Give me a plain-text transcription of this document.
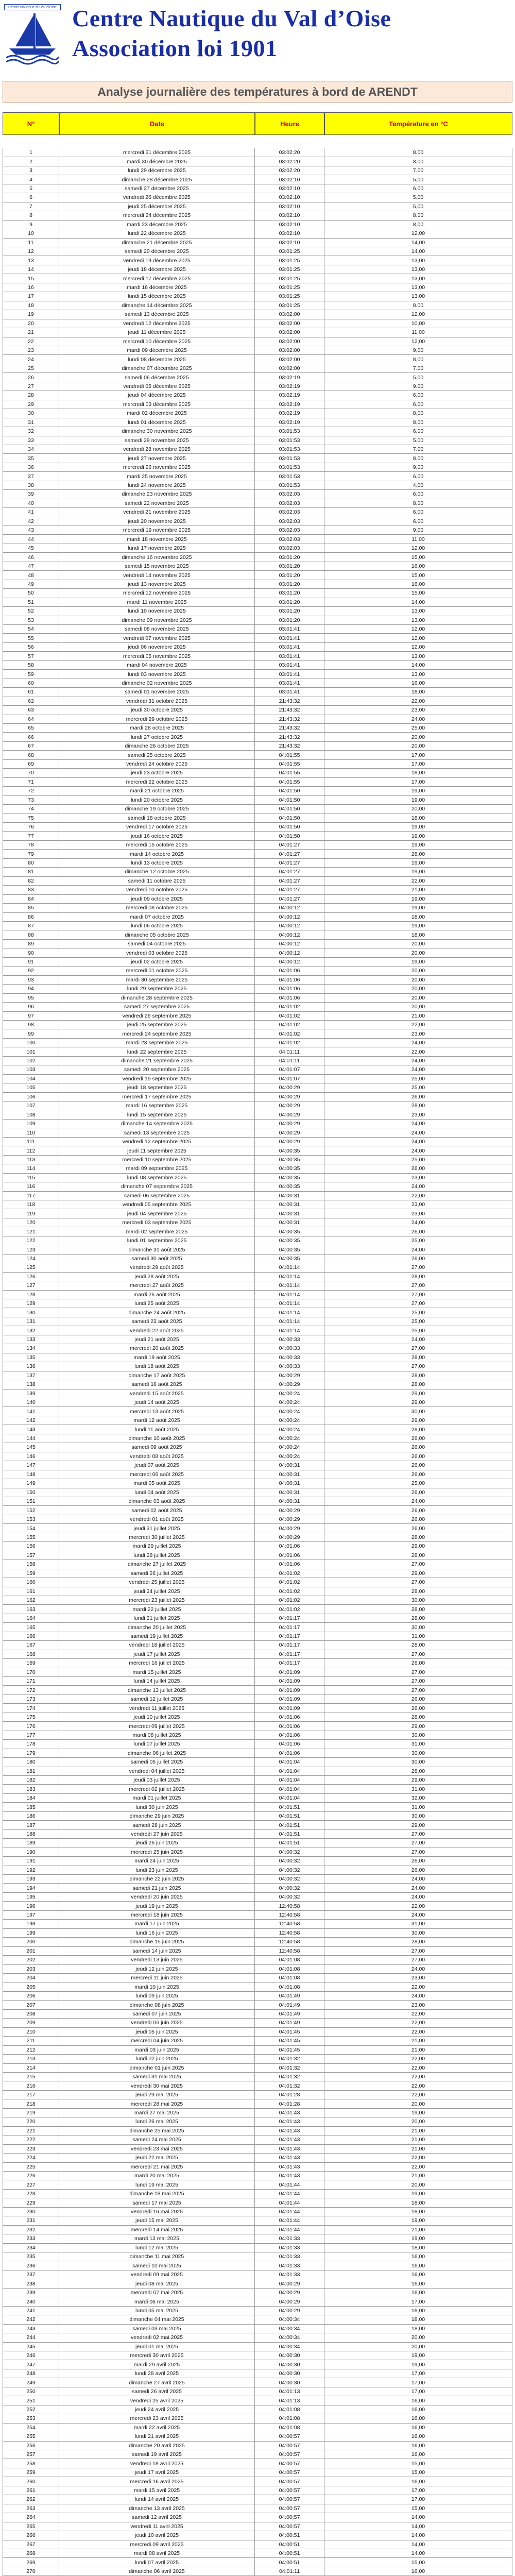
Centre Nautique du Val d'Oise Centre Nautique du Val d’Oise
Association loi 1901
Analyse journalière des températures à bord de ARENDT
N°	Date	Heure	Température en °C
1	mercredi 31 décembre 2025	03:02:20	8,00
2	mardi 30 décembre 2025	03:02:20	8,00
3	lundi 29 décembre 2025	03:02:20	7,00
4	dimanche 28 décembre 2025	03:02:10	5,00
5	samedi 27 décembre 2025	03:02:10	6,00
6	vendredi 26 décembre 2025	03:02:10	5,00
7	jeudi 25 décembre 2025	03:02:10	5,00
8	mercredi 24 décembre 2025	03:02:10	8,00
9	mardi 23 décembre 2025	03:02:10	8,00
10	lundi 22 décembre 2025	03:02:10	12,00
11	dimanche 21 décembre 2025	03:02:10	14,00
12	samedi 20 décembre 2025	03:01:25	14,00
13	vendredi 19 décembre 2025	03:01:25	13,00
14	jeudi 18 décembre 2025	03:01:25	13,00
15	mercredi 17 décembre 2025	03:01:25	13,00
16	mardi 16 décembre 2025	03:01:25	13,00
17	lundi 15 décembre 2025	03:01:25	13,00
18	dimanche 14 décembre 2025	03:01:25	8,00
19	samedi 13 décembre 2025	03:02:00	12,00
20	vendredi 12 décembre 2025	03:02:00	10,00
21	jeudi 11 décembre 2025	03:02:00	11,00
22	mercredi 10 décembre 2025	03:02:00	12,00
23	mardi 09 décembre 2025	03:02:00	9,00
24	lundi 08 décembre 2025	03:02:00	8,00
25	dimanche 07 décembre 2025	03:02:00	7,00
26	samedi 06 décembre 2025	03:02:19	5,00
27	vendredi 05 décembre 2025	03:02:19	9,00
28	jeudi 04 décembre 2025	03:02:19	6,00
29	mercredi 03 décembre 2025	03:02:19	6,00
30	mardi 02 décembre 2025	03:02:19	8,00
31	lundi 01 décembre 2025	03:02:19	8,00
32	dimanche 30 novembre 2025	03:01:53	6,00
33	samedi 29 novembre 2025	03:01:53	5,00
34	vendredi 28 novembre 2025	03:01:53	7,00
35	jeudi 27 novembre 2025	03:01:53	8,00
36	mercredi 26 novembre 2025	03:01:53	9,00
37	mardi 25 novembre 2025	03:01:53	6,00
38	lundi 24 novembre 2025	03:01:53	4,00
39	dimanche 23 novembre 2025	03:02:03	6,00
40	samedi 22 novembre 2025	03:02:03	8,00
41	vendredi 21 novembre 2025	03:02:03	6,00
42	jeudi 20 novembre 2025	03:02:03	6,00
43	mercredi 19 novembre 2025	03:02:03	9,00
44	mardi 18 novembre 2025	03:02:03	11,00
45	lundi 17 novembre 2025	03:02:03	12,00
46	dimanche 16 novembre 2025	03:01:20	15,00
47	samedi 15 novembre 2025	03:01:20	16,00
48	vendredi 14 novembre 2025	03:01:20	15,00
49	jeudi 13 novembre 2025	03:01:20	16,00
50	mercredi 12 novembre 2025	03:01:20	15,00
51	mardi 11 novembre 2025	03:01:20	14,00
52	lundi 10 novembre 2025	03:01:20	13,00
53	dimanche 09 novembre 2025	03:01:20	13,00
54	samedi 08 novembre 2025	03:01:41	12,00
55	vendredi 07 novembre 2025	03:01:41	12,00
56	jeudi 06 novembre 2025	03:01:41	12,00
57	mercredi 05 novembre 2025	03:01:41	13,00
58	mardi 04 novembre 2025	03:01:41	14,00
59	lundi 03 novembre 2025	03:01:41	13,00
60	dimanche 02 novembre 2025	03:01:41	16,00
61	samedi 01 novembre 2025	03:01:41	18,00
62	vendredi 31 octobre 2025	21:43:32	22,00
63	jeudi 30 octobre 2025	21:43:32	23,00
64	mercredi 29 octobre 2025	21:43:32	24,00
65	mardi 28 octobre 2025	21:43:32	25,00
66	lundi 27 octobre 2025	21:43:32	20,00
67	dimanche 26 octobre 2025	21:43:32	20,00
68	samedi 25 octobre 2025	04:01:55	17,00
69	vendredi 24 octobre 2025	04:01:55	17,00
70	jeudi 23 octobre 2025	04:01:55	18,00
71	mercredi 22 octobre 2025	04:01:55	17,00
72	mardi 21 octobre 2025	04:01:50	19,00
73	lundi 20 octobre 2025	04:01:50	19,00
74	dimanche 19 octobre 2025	04:01:50	20,00
75	samedi 18 octobre 2025	04:01:50	18,00
76	vendredi 17 octobre 2025	04:01:50	19,00
77	jeudi 16 octobre 2025	04:01:50	19,00
78	mercredi 15 octobre 2025	04:01:27	19,00
79	mardi 14 octobre 2025	04:01:27	28,00
80	lundi 13 octobre 2025	04:01:27	19,00
81	dimanche 12 octobre 2025	04:01:27	19,00
82	samedi 11 octobre 2025	04:01:27	22,00
83	vendredi 10 octobre 2025	04:01:27	21,00
84	jeudi 09 octobre 2025	04:01:27	19,00
85	mercredi 08 octobre 2025	04:00:12	19,00
86	mardi 07 octobre 2025	04:00:12	18,00
87	lundi 06 octobre 2025	04:00:12	19,00
88	dimanche 05 octobre 2025	04:00:12	18,00
89	samedi 04 octobre 2025	04:00:12	20,00
90	vendredi 03 octobre 2025	04:00:12	20,00
91	jeudi 02 octobre 2025	04:00:12	19,00
92	mercredi 01 octobre 2025	04:01:06	20,00
93	mardi 30 septembre 2025	04:01:06	20,00
94	lundi 29 septembre 2025	04:01:06	20,00
95	dimanche 28 septembre 2025	04:01:06	20,00
96	samedi 27 septembre 2025	04:01:02	20,00
97	vendredi 26 septembre 2025	04:01:02	21,00
98	jeudi 25 septembre 2025	04:01:02	22,00
99	mercredi 24 septembre 2025	04:01:02	23,00
100	mardi 23 septembre 2025	04:01:02	24,00
101	lundi 22 septembre 2025	04:01:11	22,00
102	dimanche 21 septembre 2025	04:01:11	24,00
103	samedi 20 septembre 2025	04:01:07	24,00
104	vendredi 19 septembre 2025	04:01:07	25,00
105	jeudi 18 septembre 2025	04:00:29	25,00
106	mercredi 17 septembre 2025	04:00:29	26,00
107	mardi 16 septembre 2025	04:00:29	28,00
108	lundi 15 septembre 2025	04:00:29	23,00
109	dimanche 14 septembre 2025	04:00:29	24,00
110	samedi 13 septembre 2025	04:00:29	24,00
111	vendredi 12 septembre 2025	04:00:29	24,00
112	jeudi 11 septembre 2025	04:00:35	24,00
113	mercredi 10 septembre 2025	04:00:35	25,00
114	mardi 09 septembre 2025	04:00:35	26,00
115	lundi 08 septembre 2025	04:00:35	23,00
116	dimanche 07 septembre 2025	04:00:35	24,00
117	samedi 06 septembre 2025	04:00:31	22,00
118	vendredi 05 septembre 2025	04:00:31	23,00
119	jeudi 04 septembre 2025	04:00:31	23,00
120	mercredi 03 septembre 2025	04:00:31	24,00
121	mardi 02 septembre 2025	04:00:35	26,00
122	lundi 01 septembre 2025	04:00:35	25,00
123	dimanche 31 août 2025	04:00:35	24,00
124	samedi 30 août 2025	04:00:35	26,00
125	vendredi 29 août 2025	04:01:14	27,00
126	jeudi 28 août 2025	04:01:14	28,00
127	mercredi 27 août 2025	04:01:14	27,00
128	mardi 26 août 2025	04:01:14	27,00
129	lundi 25 août 2025	04:01:14	27,00
130	dimanche 24 août 2025	04:01:14	25,00
131	samedi 23 août 2025	04:01:14	25,00
132	vendredi 22 août 2025	04:01:14	25,00
133	jeudi 21 août 2025	04:00:33	24,00
134	mercredi 20 août 2025	04:00:33	27,00
135	mardi 19 août 2025	04:00:33	28,00
136	lundi 18 août 2025	04:00:33	27,00
137	dimanche 17 août 2025	04:00:29	28,00
138	samedi 16 août 2025	04:00:29	28,00
139	vendredi 15 août 2025	04:00:24	29,00
140	jeudi 14 août 2025	04:00:24	29,00
141	mercredi 13 août 2025	04:00:24	30,00
142	mardi 12 août 2025	04:00:24	29,00
143	lundi 11 août 2025	04:00:24	28,00
144	dimanche 10 août 2025	04:00:24	26,00
145	samedi 09 août 2025	04:00:24	26,00
146	vendredi 08 août 2025	04:00:24	26,00
147	jeudi 07 août 2025	04:00:31	26,00
148	mercredi 06 août 2025	04:00:31	26,00
149	mardi 05 août 2025	04:00:31	25,00
150	lundi 04 août 2025	04:00:31	26,00
151	dimanche 03 août 2025	04:00:31	24,00
152	samedi 02 août 2025	04:00:29	26,00
153	vendredi 01 août 2025	04:00:29	26,00
154	jeudi 31 juillet 2025	04:00:29	26,00
155	mercredi 30 juillet 2025	04:00:29	28,00
156	mardi 29 juillet 2025	04:01:06	29,00
157	lundi 28 juillet 2025	04:01:06	28,00
158	dimanche 27 juillet 2025	04:01:06	27,00
159	samedi 26 juillet 2025	04:01:02	29,00
160	vendredi 25 juillet 2025	04:01:02	27,00
161	jeudi 24 juillet 2025	04:01:02	28,00
162	mercredi 23 juillet 2025	04:01:02	30,00
163	mardi 22 juillet 2025	04:01:02	28,00
164	lundi 21 juillet 2025	04:01:17	28,00
165	dimanche 20 juillet 2025	04:01:17	30,00
166	samedi 19 juillet 2025	04:01:17	31,00
167	vendredi 18 juillet 2025	04:01:17	28,00
168	jeudi 17 juillet 2025	04:01:17	27,00
169	mercredi 16 juillet 2025	04:01:17	26,00
170	mardi 15 juillet 2025	04:01:09	27,00
171	lundi 14 juillet 2025	04:01:09	27,00
172	dimanche 13 juillet 2025	04:01:09	27,00
173	samedi 12 juillet 2025	04:01:09	26,00
174	vendredi 11 juillet 2025	04:01:09	26,00
175	jeudi 10 juillet 2025	04:01:06	28,00
176	mercredi 09 juillet 2025	04:01:06	29,00
177	mardi 08 juillet 2025	04:01:06	30,00
178	lundi 07 juillet 2025	04:01:06	31,00
179	dimanche 06 juillet 2025	04:01:06	30,00
180	samedi 05 juillet 2025	04:01:04	30,00
181	vendredi 04 juillet 2025	04:01:04	28,00
182	jeudi 03 juillet 2025	04:01:04	29,00
183	mercredi 02 juillet 2025	04:01:04	31,00
184	mardi 01 juillet 2025	04:01:04	32,00
185	lundi 30 juin 2025	04:01:51	31,00
186	dimanche 29 juin 2025	04:01:51	30,00
187	samedi 28 juin 2025	04:01:51	29,00
188	vendredi 27 juin 2025	04:01:51	27,00
189	jeudi 26 juin 2025	04:01:51	27,00
190	mercredi 25 juin 2025	04:00:32	27,00
191	mardi 24 juin 2025	04:00:32	26,00
192	lundi 23 juin 2025	04:00:32	26,00
193	dimanche 22 juin 2025	04:00:32	24,00
194	samedi 21 juin 2025	04:00:32	24,00
195	vendredi 20 juin 2025	04:00:32	24,00
196	jeudi 19 juin 2025	12:40:58	22,00
197	mercredi 18 juin 2025	12:40:58	24,00
198	mardi 17 juin 2025	12:40:58	31,00
199	lundi 16 juin 2025	12:40:58	30,00
200	dimanche 15 juin 2025	12:40:58	28,00
201	samedi 14 juin 2025	12:40:58	27,00
202	vendredi 13 juin 2025	04:01:08	27,00
203	jeudi 12 juin 2025	04:01:08	24,00
204	mercredi 11 juin 2025	04:01:08	23,00
205	mardi 10 juin 2025	04:01:08	22,00
206	lundi 09 juin 2025	04:01:49	24,00
207	dimanche 08 juin 2025	04:01:49	23,00
208	samedi 07 juin 2025	04:01:49	22,00
209	vendredi 06 juin 2025	04:01:49	22,00
210	jeudi 05 juin 2025	04:01:45	22,00
211	mercredi 04 juin 2025	04:01:45	21,00
212	mardi 03 juin 2025	04:01:45	21,00
213	lundi 02 juin 2025	04:01:32	22,00
214	dimanche 01 juin 2025	04:01:32	22,00
215	samedi 31 mai 2025	04:01:32	22,00
216	vendredi 30 mai 2025	04:01:32	22,00
217	jeudi 29 mai 2025	04:01:28	22,00
218	mercredi 28 mai 2025	04:01:28	20,00
219	mardi 27 mai 2025	04:01:43	19,00
220	lundi 26 mai 2025	04:01:43	20,00
221	dimanche 25 mai 2025	04:01:43	21,00
222	samedi 24 mai 2025	04:01:43	21,00
223	vendredi 23 mai 2025	04:01:43	21,00
224	jeudi 22 mai 2025	04:01:43	22,00
225	mercredi 21 mai 2025	04:01:43	22,00
226	mardi 20 mai 2025	04:01:43	21,00
227	lundi 19 mai 2025	04:01:44	20,00
228	dimanche 18 mai 2025	04:01:44	19,00
229	samedi 17 mai 2025	04:01:44	18,00
230	vendredi 16 mai 2025	04:01:44	18,00
231	jeudi 15 mai 2025	04:01:44	19,00
232	mercredi 14 mai 2025	04:01:44	21,00
233	mardi 13 mai 2025	04:01:33	19,00
234	lundi 12 mai 2025	04:01:33	18,00
235	dimanche 11 mai 2025	04:01:33	16,00
236	samedi 10 mai 2025	04:01:33	16,00
237	vendredi 09 mai 2025	04:01:33	16,00
238	jeudi 08 mai 2025	04:00:29	16,00
239	mercredi 07 mai 2025	04:00:29	16,00
240	mardi 06 mai 2025	04:00:29	17,00
241	lundi 05 mai 2025	04:00:29	18,00
242	dimanche 04 mai 2025	04:00:34	18,00
243	samedi 03 mai 2025	04:00:34	18,00
244	vendredi 02 mai 2025	04:00:34	20,00
245	jeudi 01 mai 2025	04:00:34	20,00
246	mercredi 30 avril 2025	04:00:30	19,00
247	mardi 29 avril 2025	04:00:30	19,00
248	lundi 28 avril 2025	04:00:30	17,00
249	dimanche 27 avril 2025	04:00:30	17,00
250	samedi 26 avril 2025	04:01:13	17,00
251	vendredi 25 avril 2025	04:01:13	16,00
252	jeudi 24 avril 2025	04:01:08	16,00
253	mercredi 23 avril 2025	04:01:08	16,00
254	mardi 22 avril 2025	04:01:08	16,00
255	lundi 21 avril 2025	04:00:57	16,00
256	dimanche 20 avril 2025	04:00:57	16,00
257	samedi 19 avril 2025	04:00:57	16,00
258	vendredi 18 avril 2025	04:00:57	15,00
259	jeudi 17 avril 2025	04:00:57	15,00
260	mercredi 16 avril 2025	04:00:57	16,00
261	mardi 15 avril 2025	04:00:57	17,00
262	lundi 14 avril 2025	04:00:57	17,00
263	dimanche 13 avril 2025	04:00:57	15,00
264	samedi 12 avril 2025	04:00:57	14,00
265	vendredi 11 avril 2025	04:00:57	14,00
266	jeudi 10 avril 2025	04:00:51	14,00
267	mercredi 09 avril 2025	04:00:51	14,00
268	mardi 08 avril 2025	04:00:51	14,00
269	lundi 07 avril 2025	04:00:51	15,00
270	dimanche 06 avril 2025	04:01:11	16,00
